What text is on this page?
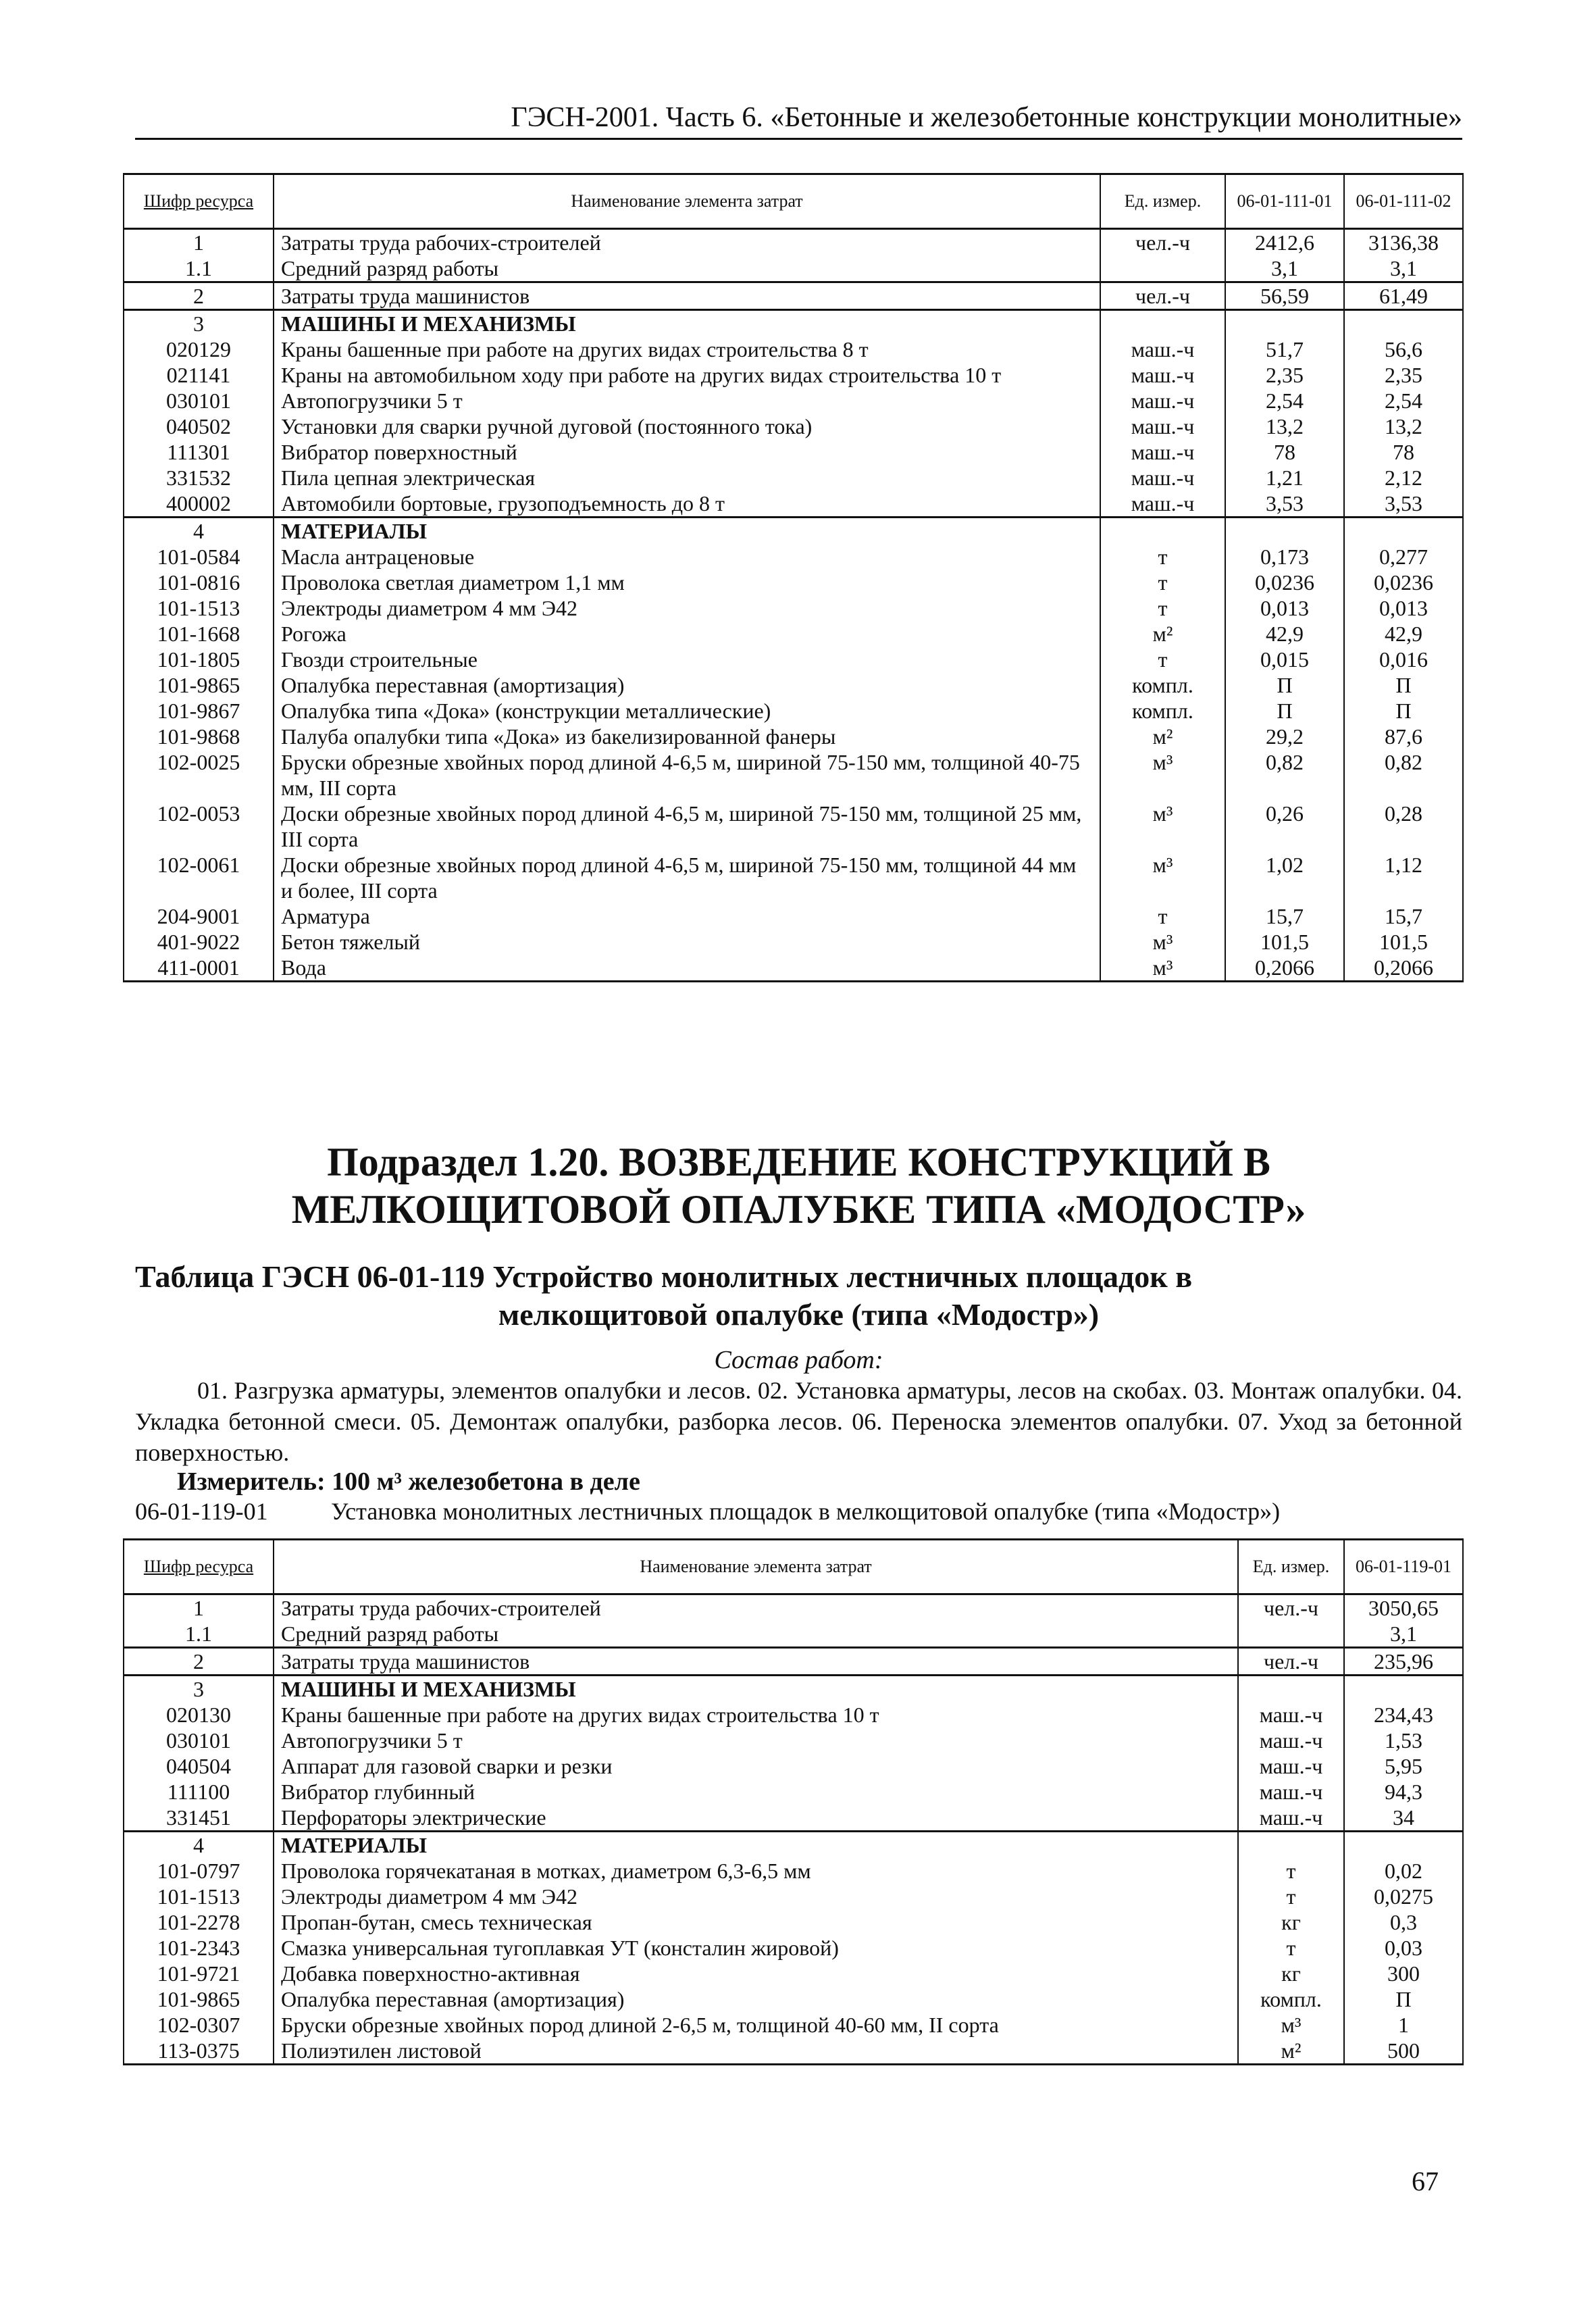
ГЭСН-2001. Часть 6. «Бетонные и железобетонные конструкции монолитные»
Шифр ресурса	Наименование элемента затрат	Ед. измер.	06-01-111-01	06-01-111-02
1	Затраты труда рабочих-строителей	чел.-ч	2412,6	3136,38
1.1	Средний разряд работы		3,1	3,1
2	Затраты труда машинистов	чел.-ч	56,59	61,49
3	МАШИНЫ И МЕХАНИЗМЫ			
020129	Краны башенные при работе на других видах строительства 8 т	маш.-ч	51,7	56,6
021141	Краны на автомобильном ходу при работе на других видах строительства 10 т	маш.-ч	2,35	2,35
030101	Автопогрузчики 5 т	маш.-ч	2,54	2,54
040502	Установки для сварки ручной дуговой (постоянного тока)	маш.-ч	13,2	13,2
111301	Вибратор поверхностный	маш.-ч	78	78
331532	Пила цепная электрическая	маш.-ч	1,21	2,12
400002	Автомобили бортовые, грузоподъемность до 8 т	маш.-ч	3,53	3,53
4	МАТЕРИАЛЫ			
101-0584	Масла антраценовые	т	0,173	0,277
101-0816	Проволока светлая диаметром 1,1 мм	т	0,0236	0,0236
101-1513	Электроды диаметром 4 мм Э42	т	0,013	0,013
101-1668	Рогожа	м²	42,9	42,9
101-1805	Гвозди строительные	т	0,015	0,016
101-9865	Опалубка переставная (амортизация)	компл.	П	П
101-9867	Опалубка типа «Дока» (конструкции металлические)	компл.	П	П
101-9868	Палуба опалубки типа «Дока» из бакелизированной фанеры	м²	29,2	87,6
102-0025	Бруски обрезные хвойных пород длиной 4-6,5 м, шириной 75-150 мм, толщиной 40-75 мм, III сорта	м³	0,82	0,82
102-0053	Доски обрезные хвойных пород длиной 4-6,5 м, шириной 75-150 мм, толщиной 25 мм, III сорта	м³	0,26	0,28
102-0061	Доски обрезные хвойных пород длиной 4-6,5 м, шириной 75-150 мм, толщиной 44 мм и более, III сорта	м³	1,02	1,12
204-9001	Арматура	т	15,7	15,7
401-9022	Бетон тяжелый	м³	101,5	101,5
411-0001	Вода	м³	0,2066	0,2066
Подраздел 1.20. ВОЗВЕДЕНИЕ КОНСТРУКЦИЙ В МЕЛКОЩИТОВОЙ ОПАЛУБКЕ ТИПА «МОДОСТР»
Таблица ГЭСН 06-01-119 Устройство монолитных лестничных площадок в
мелкощитовой опалубке (типа «Модостр»)
Состав работ:
01. Разгрузка арматуры, элементов опалубки и лесов. 02. Установка арматуры, лесов на скобах. 03. Монтаж опалубки. 04. Укладка бетонной смеси. 05. Демонтаж опалубки, разборка лесов. 06. Переноска элементов опалубки. 07. Уход за бетонной поверхностью.
Измеритель: 100 м³ железобетона в деле
06-01-119-01	Установка монолитных лестничных площадок в мелкощитовой опалубке (типа «Модостр»)
Шифр ресурса	Наименование элемента затрат	Ед. измер.	06-01-119-01
1	Затраты труда рабочих-строителей	чел.-ч	3050,65
1.1	Средний разряд работы		3,1
2	Затраты труда машинистов	чел.-ч	235,96
3	МАШИНЫ И МЕХАНИЗМЫ		
020130	Краны башенные при работе на других видах строительства 10 т	маш.-ч	234,43
030101	Автопогрузчики 5 т	маш.-ч	1,53
040504	Аппарат для газовой сварки и резки	маш.-ч	5,95
111100	Вибратор глубинный	маш.-ч	94,3
331451	Перфораторы электрические	маш.-ч	34
4	МАТЕРИАЛЫ		
101-0797	Проволока горячекатаная в мотках, диаметром 6,3-6,5 мм	т	0,02
101-1513	Электроды диаметром 4 мм Э42	т	0,0275
101-2278	Пропан-бутан, смесь техническая	кг	0,3
101-2343	Смазка универсальная тугоплавкая УТ (консталин жировой)	т	0,03
101-9721	Добавка поверхностно-активная	кг	300
101-9865	Опалубка переставная (амортизация)	компл.	П
102-0307	Бруски обрезные хвойных пород длиной 2-6,5 м, толщиной 40-60 мм, II сорта	м³	1
113-0375	Полиэтилен листовой	м²	500
67
